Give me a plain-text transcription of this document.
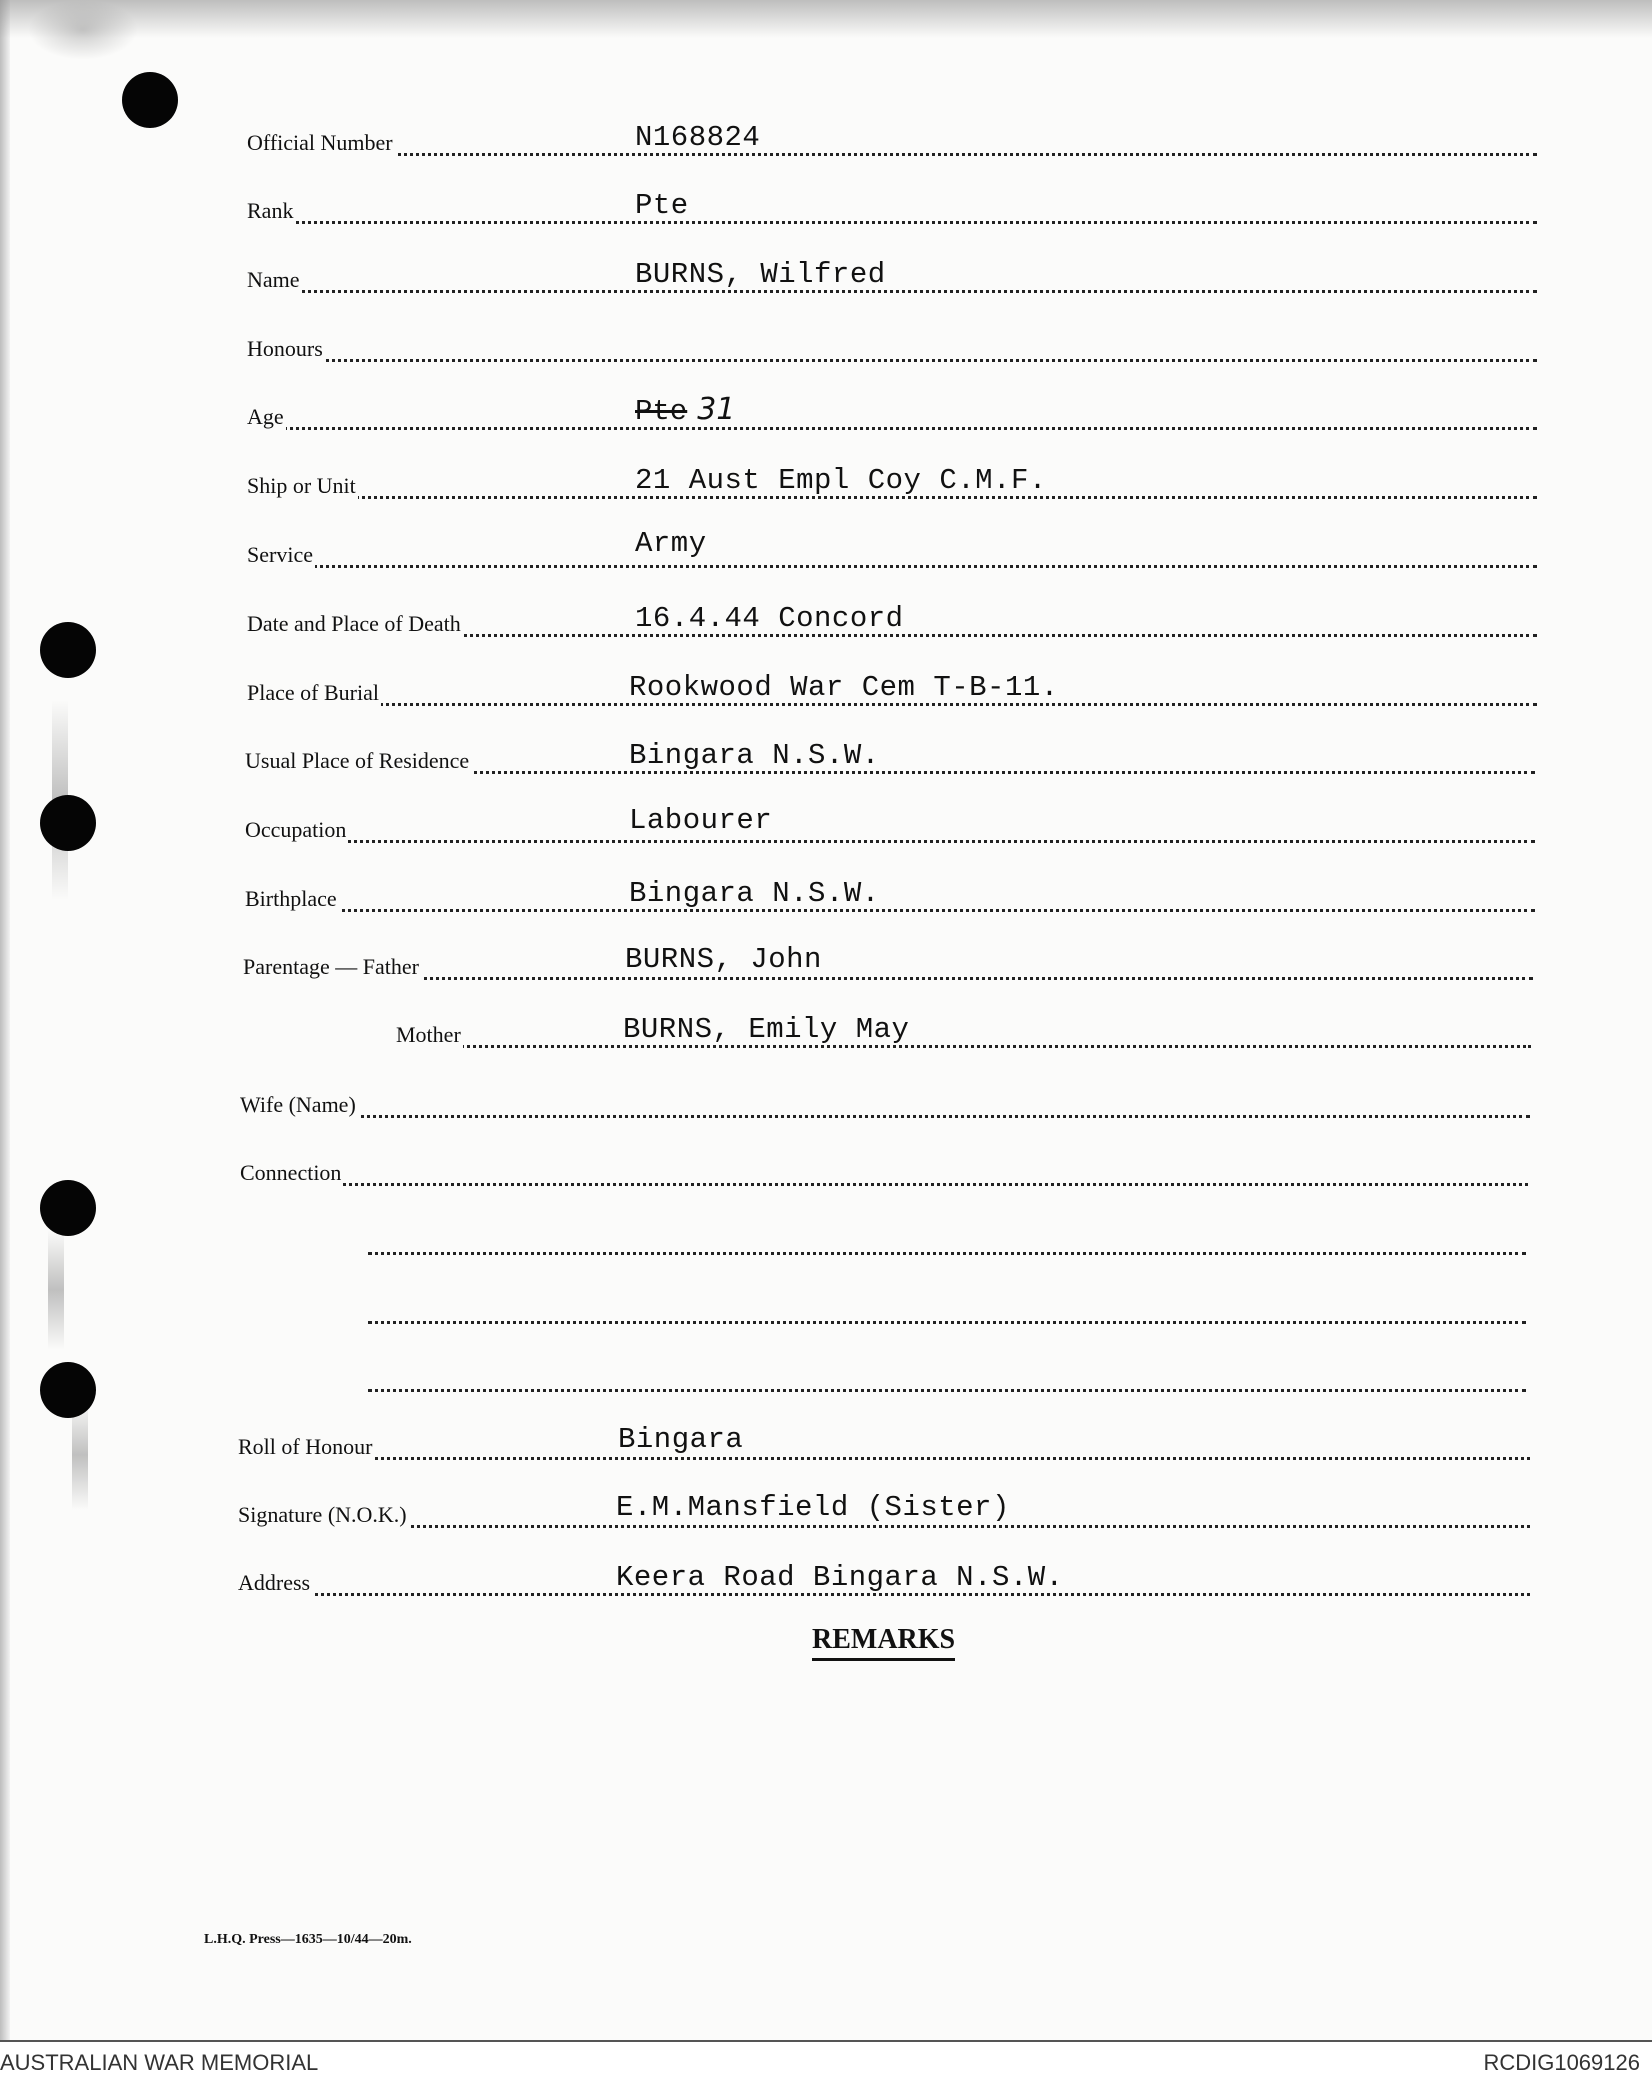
Official Number	N168824
Rank	Pte
Name	BURNS, Wilfred
Honours
Age	Pte 31
Ship or Unit	21 Aust Empl Coy C.M.F.
Service	Army
Date and Place of Death	16.4.44 Concord
Place of Burial	Rookwood War Cem T-B-11.
Usual Place of Residence	Bingara N.S.W.
Occupation	Labourer
Birthplace	Bingara N.S.W.
Parentage — Father	BURNS, John
Mother	BURNS, Emily May
Wife (Name)
Connection
Roll of Honour	Bingara
Signature (N.O.K.)	E.M.Mansfield (Sister)
Address	Keera Road Bingara N.S.W.
REMARKS
L.H.Q. Press—1635—10/44—20m.
AUSTRALIAN WAR MEMORIAL	RCDIG1069126
